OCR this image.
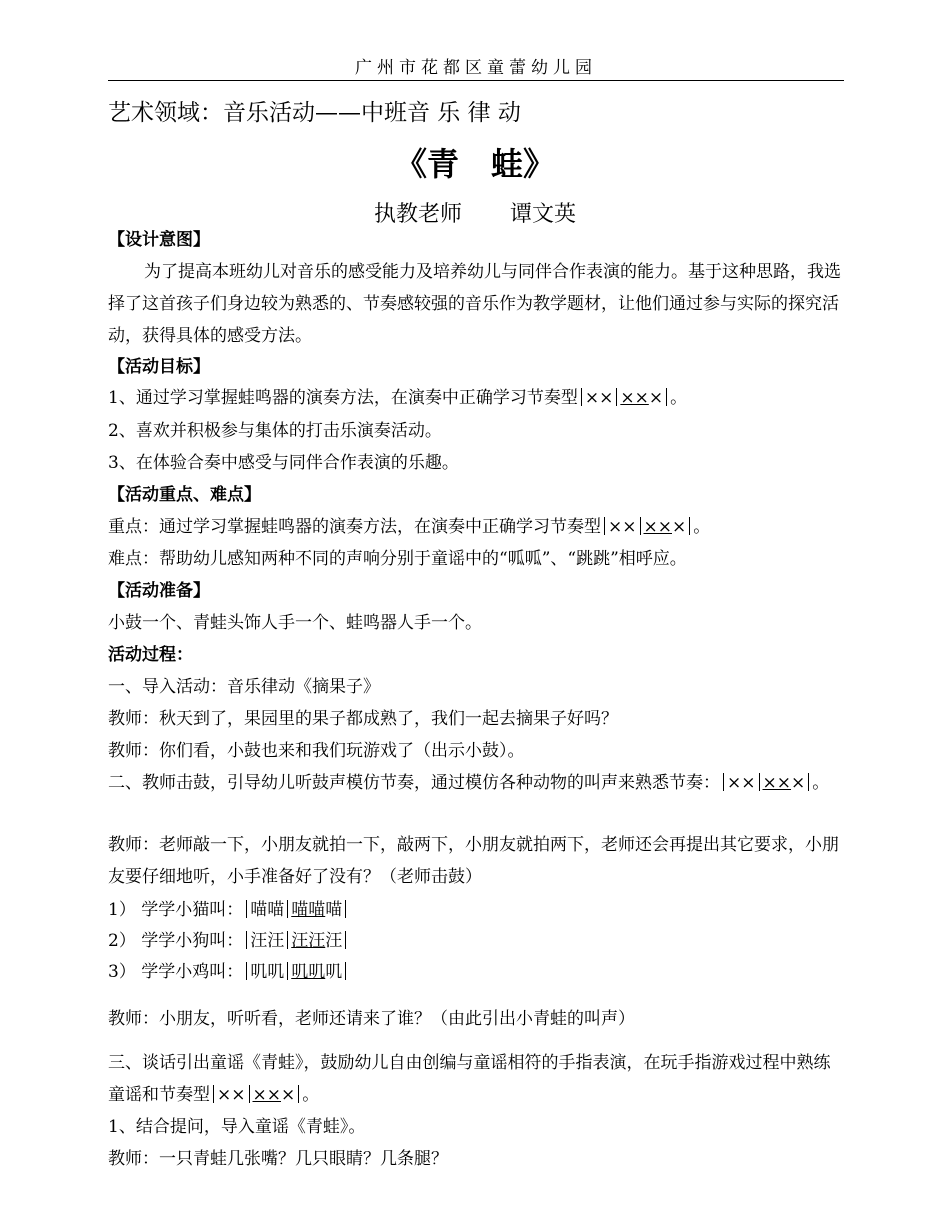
广州市花都区童蕾幼儿园
艺术领域：音乐活动——中班音 乐 律 动
《青　蛙》
执教老师 谭文英
【设计意图】
为了提高本班幼儿对音乐的感受能力及培养幼儿与同伴合作表演的能力。基于这种思路，我选择了这首孩子们身边较为熟悉的、节奏感较强的音乐作为教学题材，让他们通过参与实际的探究活动，获得具体的感受方法。
【活动目标】
1、通过学习掌握蛙鸣器的演奏方法，在演奏中正确学习节奏型 ×× ××× 。
2、喜欢并积极参与集体的打击乐演奏活动。
3、在体验合奏中感受与同伴合作表演的乐趣。
【活动重点、难点】
重点：通过学习掌握蛙鸣器的演奏方法，在演奏中正确学习节奏型 ×× ××× 。
难点：帮助幼儿感知两种不同的声响分别于童谣中的“呱呱”、“跳跳”相呼应。
【活动准备】
小鼓一个、青蛙头饰人手一个、蛙鸣器人手一个。
活动过程：
一、导入活动：音乐律动《摘果子》
教师：秋天到了，果园里的果子都成熟了，我们一起去摘果子好吗？
教师：你们看，小鼓也来和我们玩游戏了（出示小鼓）。
二、教师击鼓，引导幼儿听鼓声模仿节奏，通过模仿各种动物的叫声来熟悉节奏： ×× ××× 。
教师：老师敲一下，小朋友就拍一下，敲两下，小朋友就拍两下，老师还会再提出其它要求，小朋友要仔细地听，小手准备好了没有？（老师击鼓）
1） 学学小猫叫： 喵喵 喵喵喵
2） 学学小狗叫： 汪汪 汪汪汪
3） 学学小鸡叫： 叽叽 叽叽叽
教师：小朋友，听听看，老师还请来了谁？（由此引出小青蛙的叫声）
三、谈话引出童谣《青蛙》，鼓励幼儿自由创编与童谣相符的手指表演，在玩手指游戏过程中熟练童谣和节奏型 ×× ××× 。
1、结合提问，导入童谣《青蛙》。
教师：一只青蛙几张嘴？几只眼睛？几条腿？
